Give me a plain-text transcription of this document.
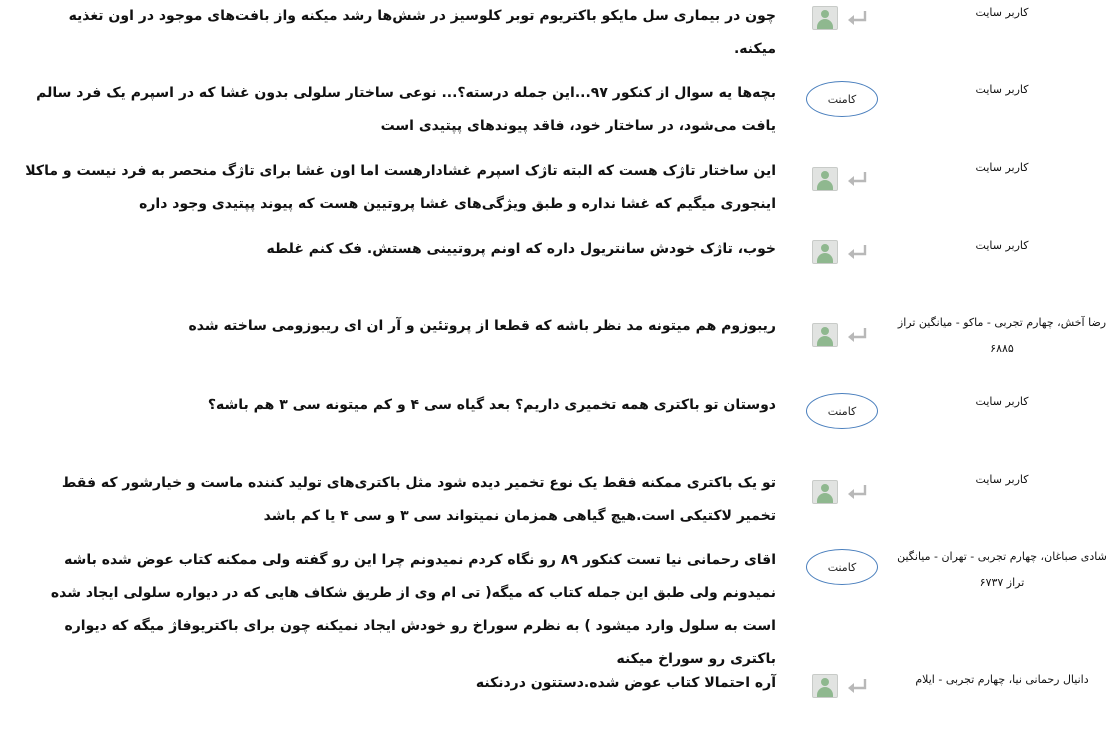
کاربر سایت
چون در بیماری سل مایکو باکتریوم توبر کلوسیز در شش‌ها رشد میکنه واز بافت‌های موجود در اون تغذیه میکنه.
کاربر سایت
کامنت
بچه‌ها یه سوال از کنکور ۹۷...این جمله درسته؟... نوعی ساختار سلولی بدون غشا که در اسپرم یک فرد سالم یافت می‌شود، در ساختار خود، فاقد پیوندهای پپتیدی است
کاربر سایت
این ساختار تاژک هست که البته تاژک اسپرم غشادارهست اما اون غشا برای تاژگ منحصر به فرد نیست و ماکلا اینجوری میگیم که غشا نداره و طبق ویژگی‌های غشا پروتیین هست که پیوند پپتیدی وجود داره
کاربر سایت
خوب، تاژک خودش سانتریول داره که اونم پروتیینی هستش. فک کنم غلطه
رضا آخش، چهارم تجربی - ماکو - میانگین تراز ۶۸۸۵
ریبوزوم هم میتونه مد نظر باشه که قطعا از پروتئین و آر ان ای ریبوزومی ساخته شده
کاربر سایت
کامنت
دوستان تو باکتری همه تخمیری داریم؟ بعد گیاه سی ۴ و کم میتونه سی ۳ هم باشه؟
کاربر سایت
تو یک باکتری ممکنه فقط یک نوع تخمیر دیده شود مثل باکتری‌های تولید کننده ماست و خیارشور که فقط تخمیر لاکتیکی است.هیچ گیاهی همزمان نمیتواند سی ۳ و سی ۴ یا کم باشد
شادی صباغان، چهارم تجربی - تهران - میانگین تراز ۶۷۳۷
کامنت
اقای رحمانی نیا تست کنکور ۸۹ رو نگاه کردم نمیدونم چرا این رو گفته ولی ممکنه کتاب عوض شده باشه نمیدونم ولی طبق این جمله کتاب که میگه( تی ام وی از طریق شکاف هایی که در دیواره سلولی ایجاد شده است به سلول وارد میشود ) به نظرم سوراخ رو خودش ایجاد نمیکنه چون برای باکتریوفاژ میگه که دیواره باکتری رو سوراخ میکنه
دانیال رحمانی نیا، چهارم تجربی - ایلام
آره احتمالا کتاب عوض شده.دستتون دردنکنه
